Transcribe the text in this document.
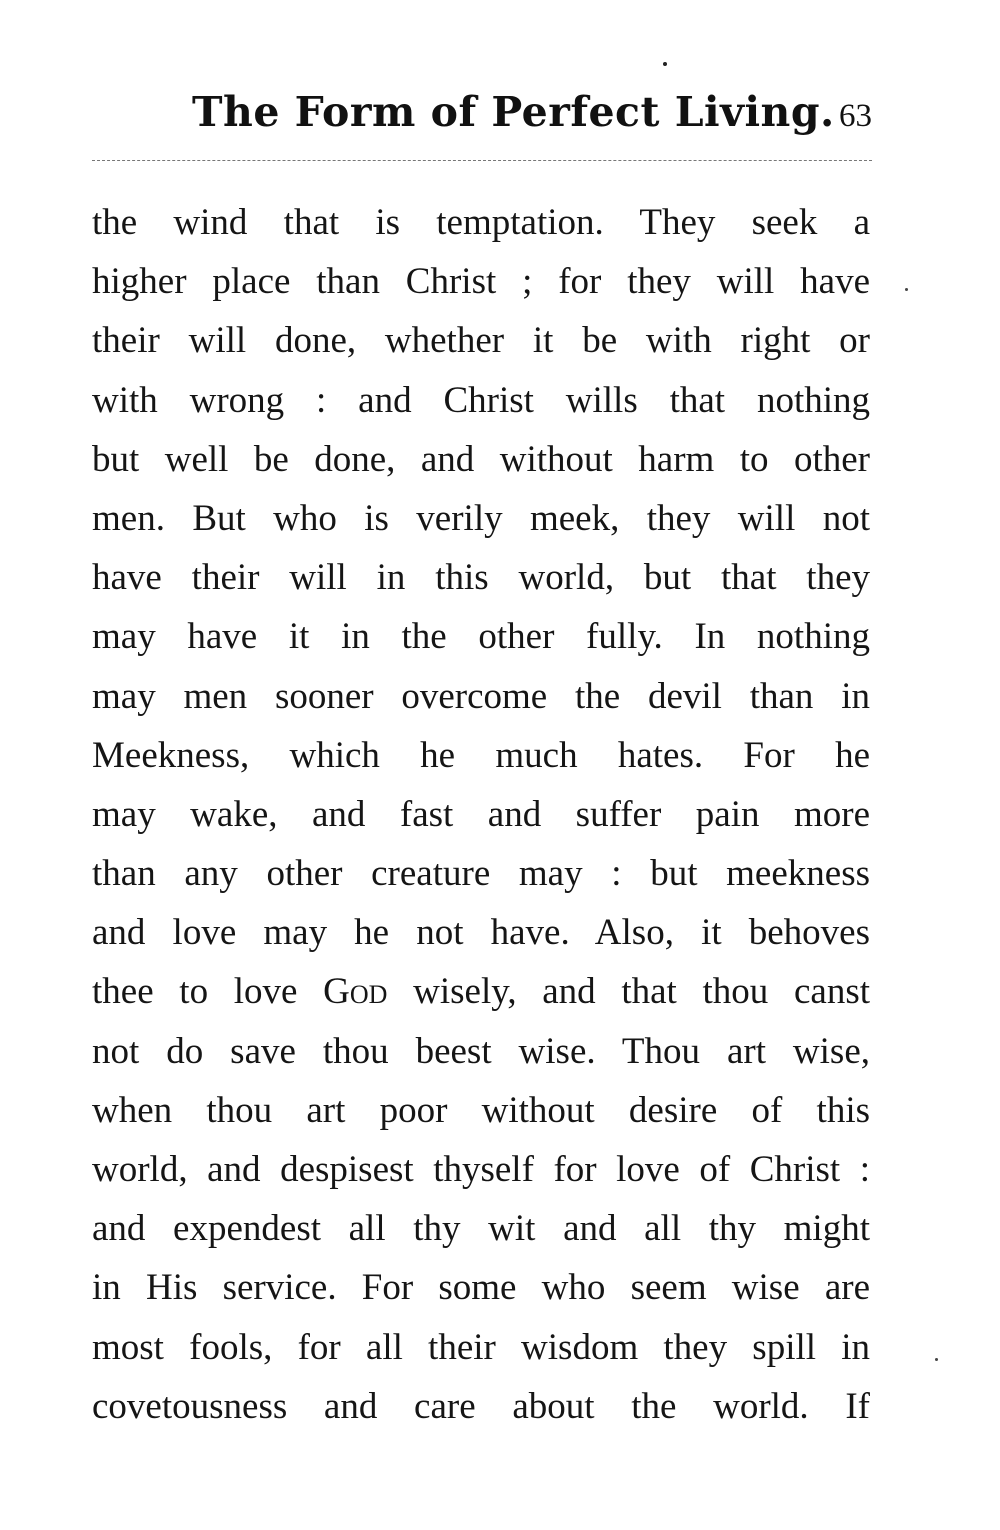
The Form of Perfect Living. 63
the wind that is temptation. They seek a
higher place than Christ ; for they will have
their will done, whether it be with right or
with wrong : and Christ wills that nothing
but well be done, and without harm to other
men. But who is verily meek, they will not
have their will in this world, but that they
may have it in the other fully. In nothing
may men sooner overcome the devil than in
Meekness, which he much hates. For he
may wake, and fast and suffer pain more
than any other creature may : but meekness
and love may he not have. Also, it behoves
thee to love God wisely, and that thou canst
not do save thou beest wise. Thou art wise,
when thou art poor without desire of this
world, and despisest thyself for love of Christ :
and expendest all thy wit and all thy might
in His service. For some who seem wise are
most fools, for all their wisdom they spill in
covetousness and care about the world. If
